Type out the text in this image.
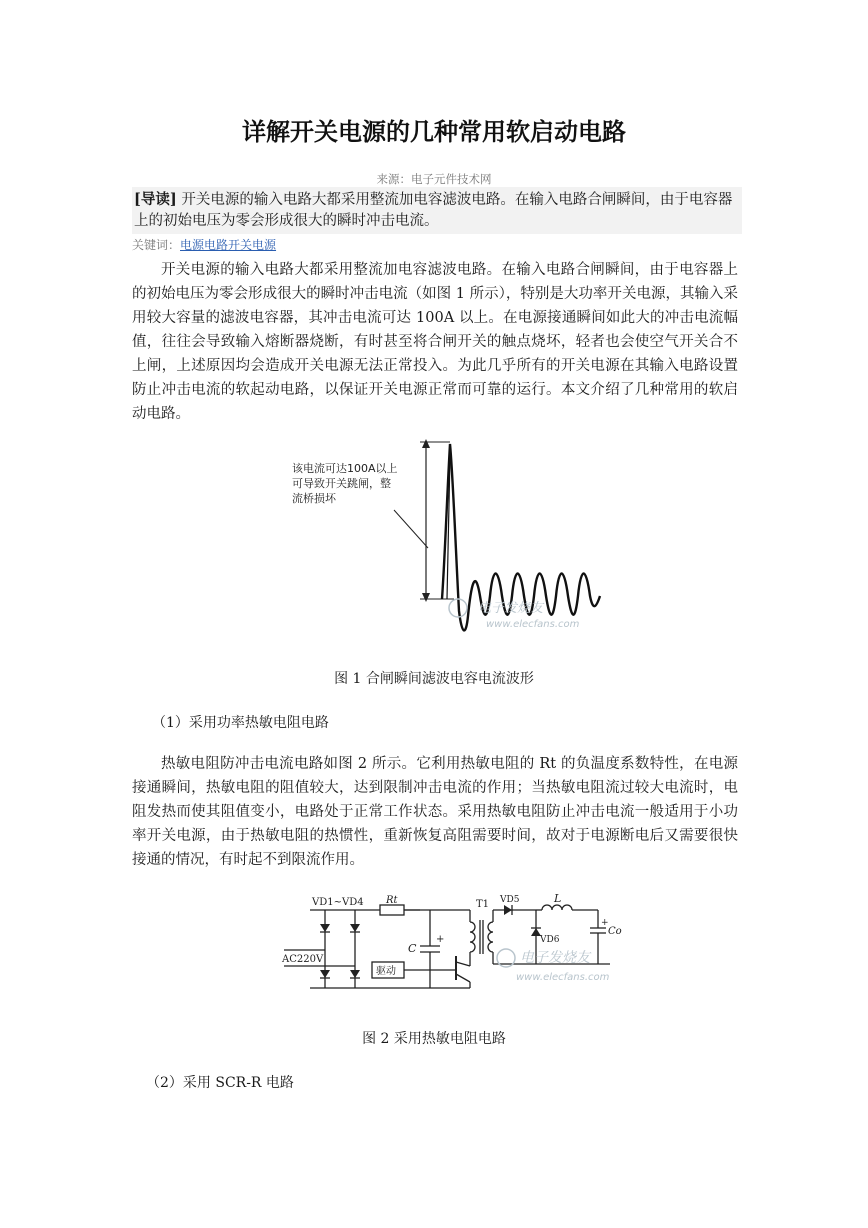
详解开关电源的几种常用软启动电路
来源：电子元件技术网
[导读] 开关电源的输入电路大都采用整流加电容滤波电路。在输入电路合闸瞬间，由于电容器上的初始电压为零会形成很大的瞬时冲击电流。
关键词：电源电路开关电源

开关电源的输入电路大都采用整流加电容滤波电路。在输入电路合闸瞬间，由于电容器上的初始电压为零会形成很大的瞬时冲击电流（如图 1 所示），特别是大功率开关电源，其输入采用较大容量的滤波电容器，其冲击电流可达 100A 以上。在电源接通瞬间如此大的冲击电流幅值，往往会导致输入熔断器烧断，有时甚至将合闸开关的触点烧坏，轻者也会使空气开关合不上闸，上述原因均会造成开关电源无法正常投入。为此几乎所有的开关电源在其输入电路设置防止冲击电流的软起动电路，以保证开关电源正常而可靠的运行。本文介绍了几种常用的软启动电路。

该电流可达100A以上
可导致开关跳闸，整
流桥损坏
电子发烧友
www.elecfans.com
图 1 合闸瞬间滤波电容电流波形
（1）采用功率热敏电阻电路

热敏电阻防冲击电流电路如图 2 所示。它利用热敏电阻的 Rt 的负温度系数特性，在电源接通瞬间，热敏电阻的阻值较大，达到限制冲击电流的作用；当热敏电阻流过较大电流时，电阻发热而使其阻值变小，电路处于正常工作状态。采用热敏电阻防止冲击电流一般适用于小功率开关电源，由于热敏电阻的热惯性，重新恢复高阻需要时间，故对于电源断电后又需要很快接通的情况，有时起不到限流作用。

VD1~VD4 Rt
C
+
T1 VD5
VD6
L
Co
+
AC220V
驱动
电子发烧友
www.elecfans.com
图 2 采用热敏电阻电路
（2）采用 SCR-R 电路
